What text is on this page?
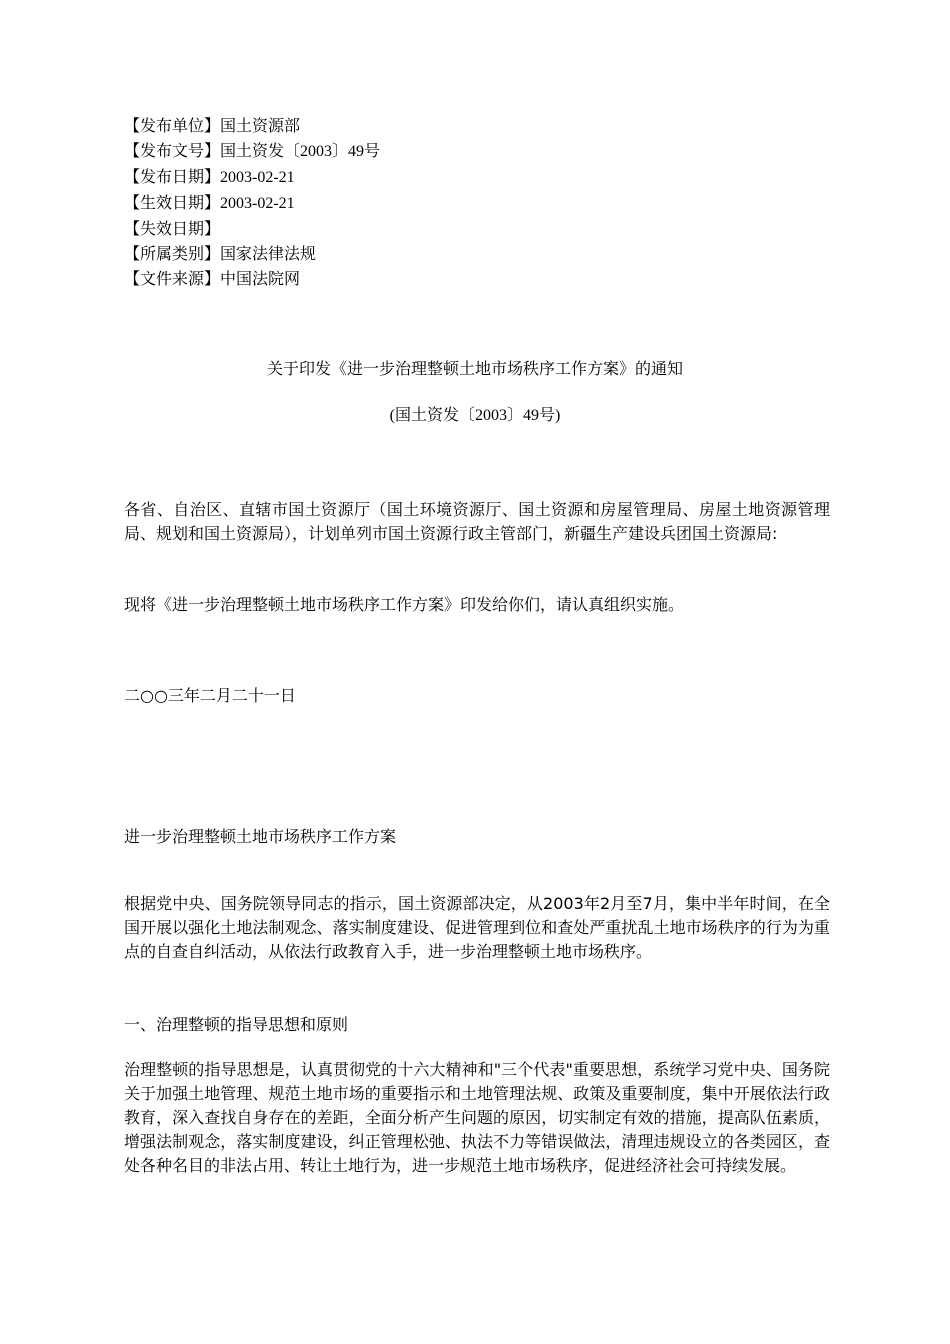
【发布单位】国土资源部
【发布文号】国土资发〔2003〕49号
【发布日期】2003-02-21
【生效日期】2003-02-21
【失效日期】
【所属类别】国家法律法规
【文件来源】中国法院网
关于印发《进一步治理整顿土地市场秩序工作方案》的通知
(国土资发〔2003〕49号)
各省、自治区、直辖市国土资源厅（国土环境资源厅、国土资源和房屋管理局、房屋土地资源管理局、规划和国土资源局），计划单列市国土资源行政主管部门，新疆生产建设兵团国土资源局:
现将《进一步治理整顿土地市场秩序工作方案》印发给你们，请认真组织实施。
二○○三年二月二十一日
进一步治理整顿土地市场秩序工作方案
根据党中央、国务院领导同志的指示，国土资源部决定，从2003年2月至7月，集中半年时间，在全国开展以强化土地法制观念、落实制度建设、促进管理到位和查处严重扰乱土地市场秩序的行为为重点的自查自纠活动，从依法行政教育入手，进一步治理整顿土地市场秩序。
一、治理整顿的指导思想和原则
治理整顿的指导思想是，认真贯彻党的十六大精神和"三个代表"重要思想，系统学习党中央、国务院关于加强土地管理、规范土地市场的重要指示和土地管理法规、政策及重要制度，集中开展依法行政教育，深入查找自身存在的差距，全面分析产生问题的原因，切实制定有效的措施，提高队伍素质，增强法制观念，落实制度建设，纠正管理松弛、执法不力等错误做法，清理违规设立的各类园区，查处各种名目的非法占用、转让土地行为，进一步规范土地市场秩序，促进经济社会可持续发展。
